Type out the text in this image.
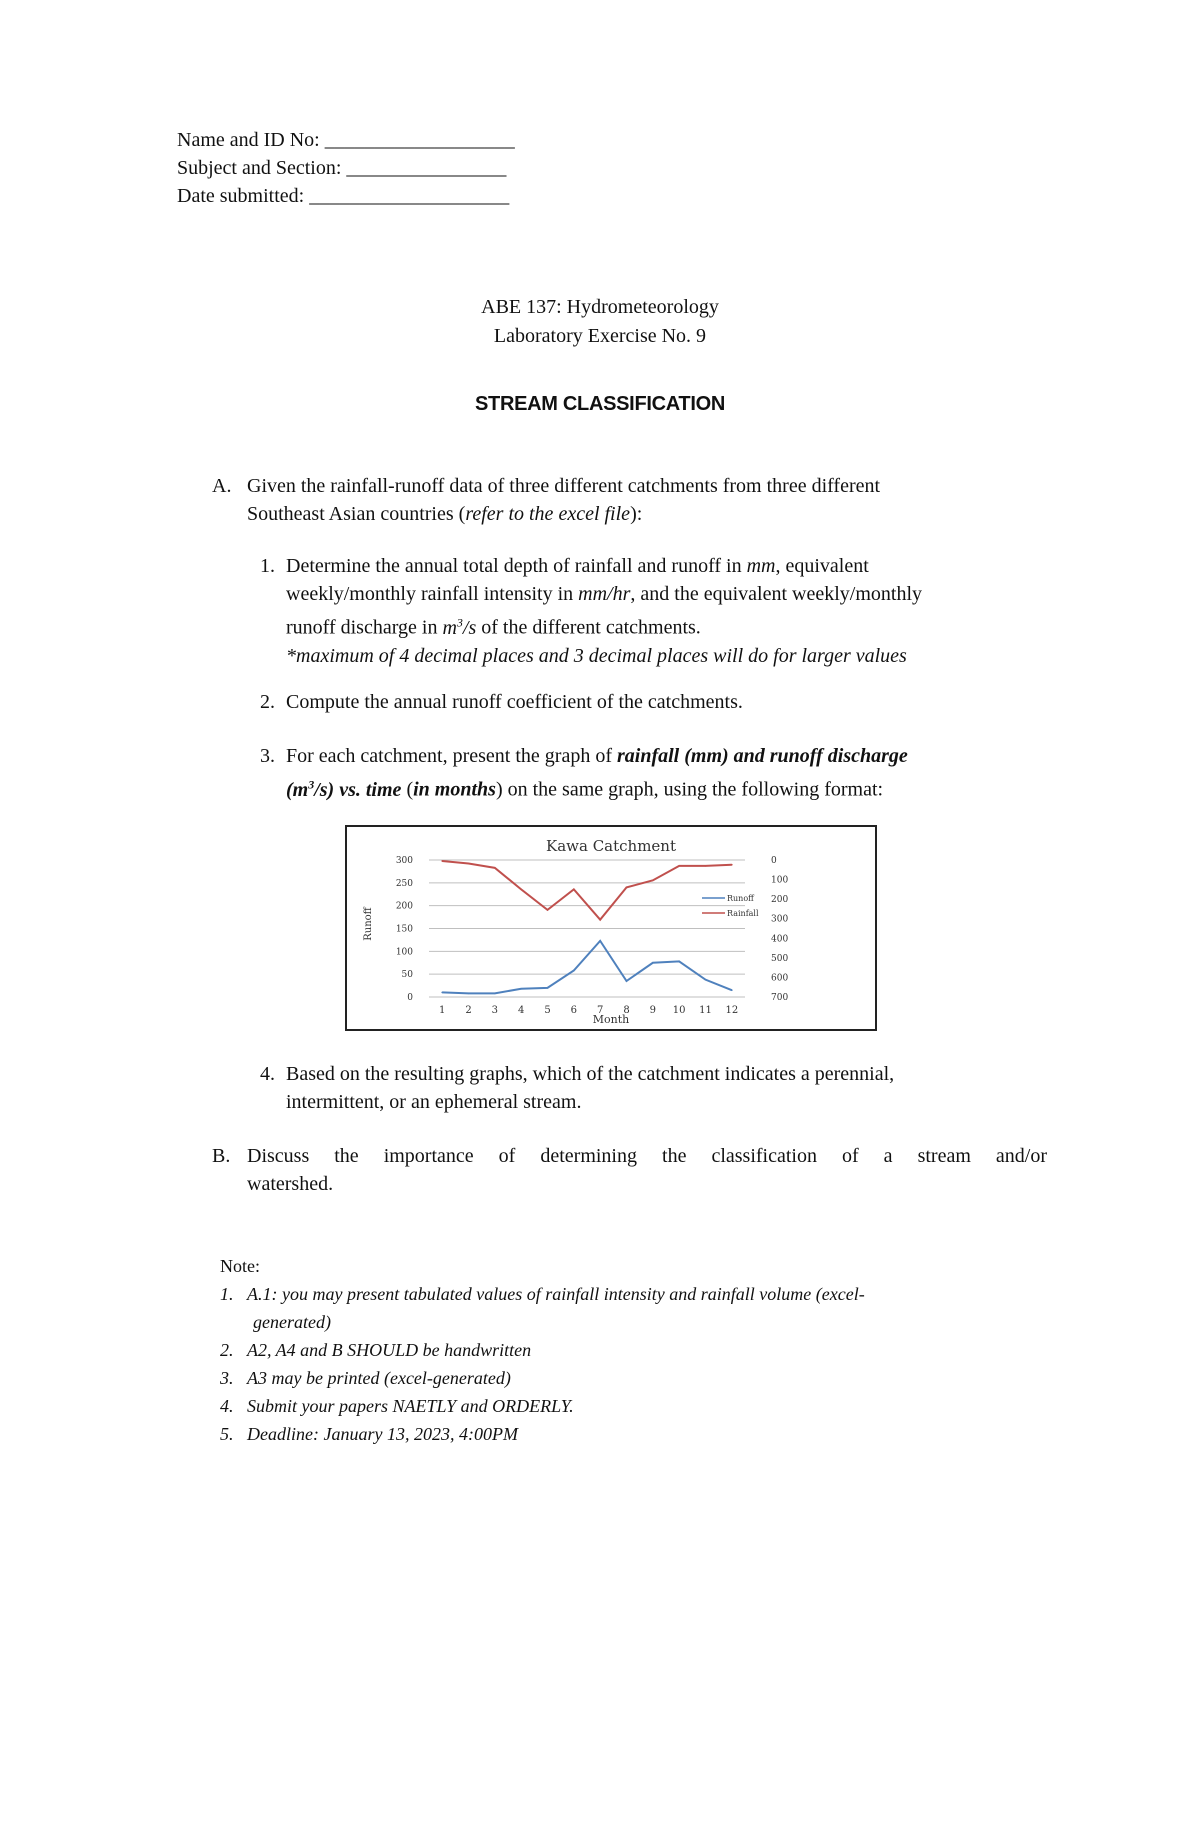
Name and ID No: ___________________
Subject and Section: ________________
Date submitted: ____________________
ABE 137: Hydrometeorology
Laboratory Exercise No. 9
STREAM CLASSIFICATION
A. Given the rainfall-runoff data of three different catchments from three different
Southeast Asian countries (refer to the excel file):
1. Determine the annual total depth of rainfall and runoff in mm, equivalent
weekly/monthly rainfall intensity in mm/hr, and the equivalent weekly/monthly
runoff discharge in $m^3/s$ of the different catchments.
*maximum of 4 decimal places and 3 decimal places will do for larger values
2. Compute the annual runoff coefficient of the catchments.
3. For each catchment, present the graph of rainfall (mm) and runoff discharge
$(m^3/s)$ vs. time (in months) on the same graph, using the following format:
Kawa Catchment
Runoff
Month
300
250
200
150
100
50
0
0
100
200
300
400
500
600
700
1 2 3 4 5 6 7 8 9 10 11 12
Runoff
Rainfall
4. Based on the resulting graphs, which of the catchment indicates a perennial,
intermittent, or an ephemeral stream.
B. Discuss the importance of determining the classification of a stream and/or
watershed.
Note:
1. A.1: you may present tabulated values of rainfall intensity and rainfall volume (excel-
generated)
2. A2, A4 and B SHOULD be handwritten
3. A3 may be printed (excel-generated)
4. Submit your papers NAETLY and ORDERLY.
5. Deadline: January 13, 2023, 4:00PM
